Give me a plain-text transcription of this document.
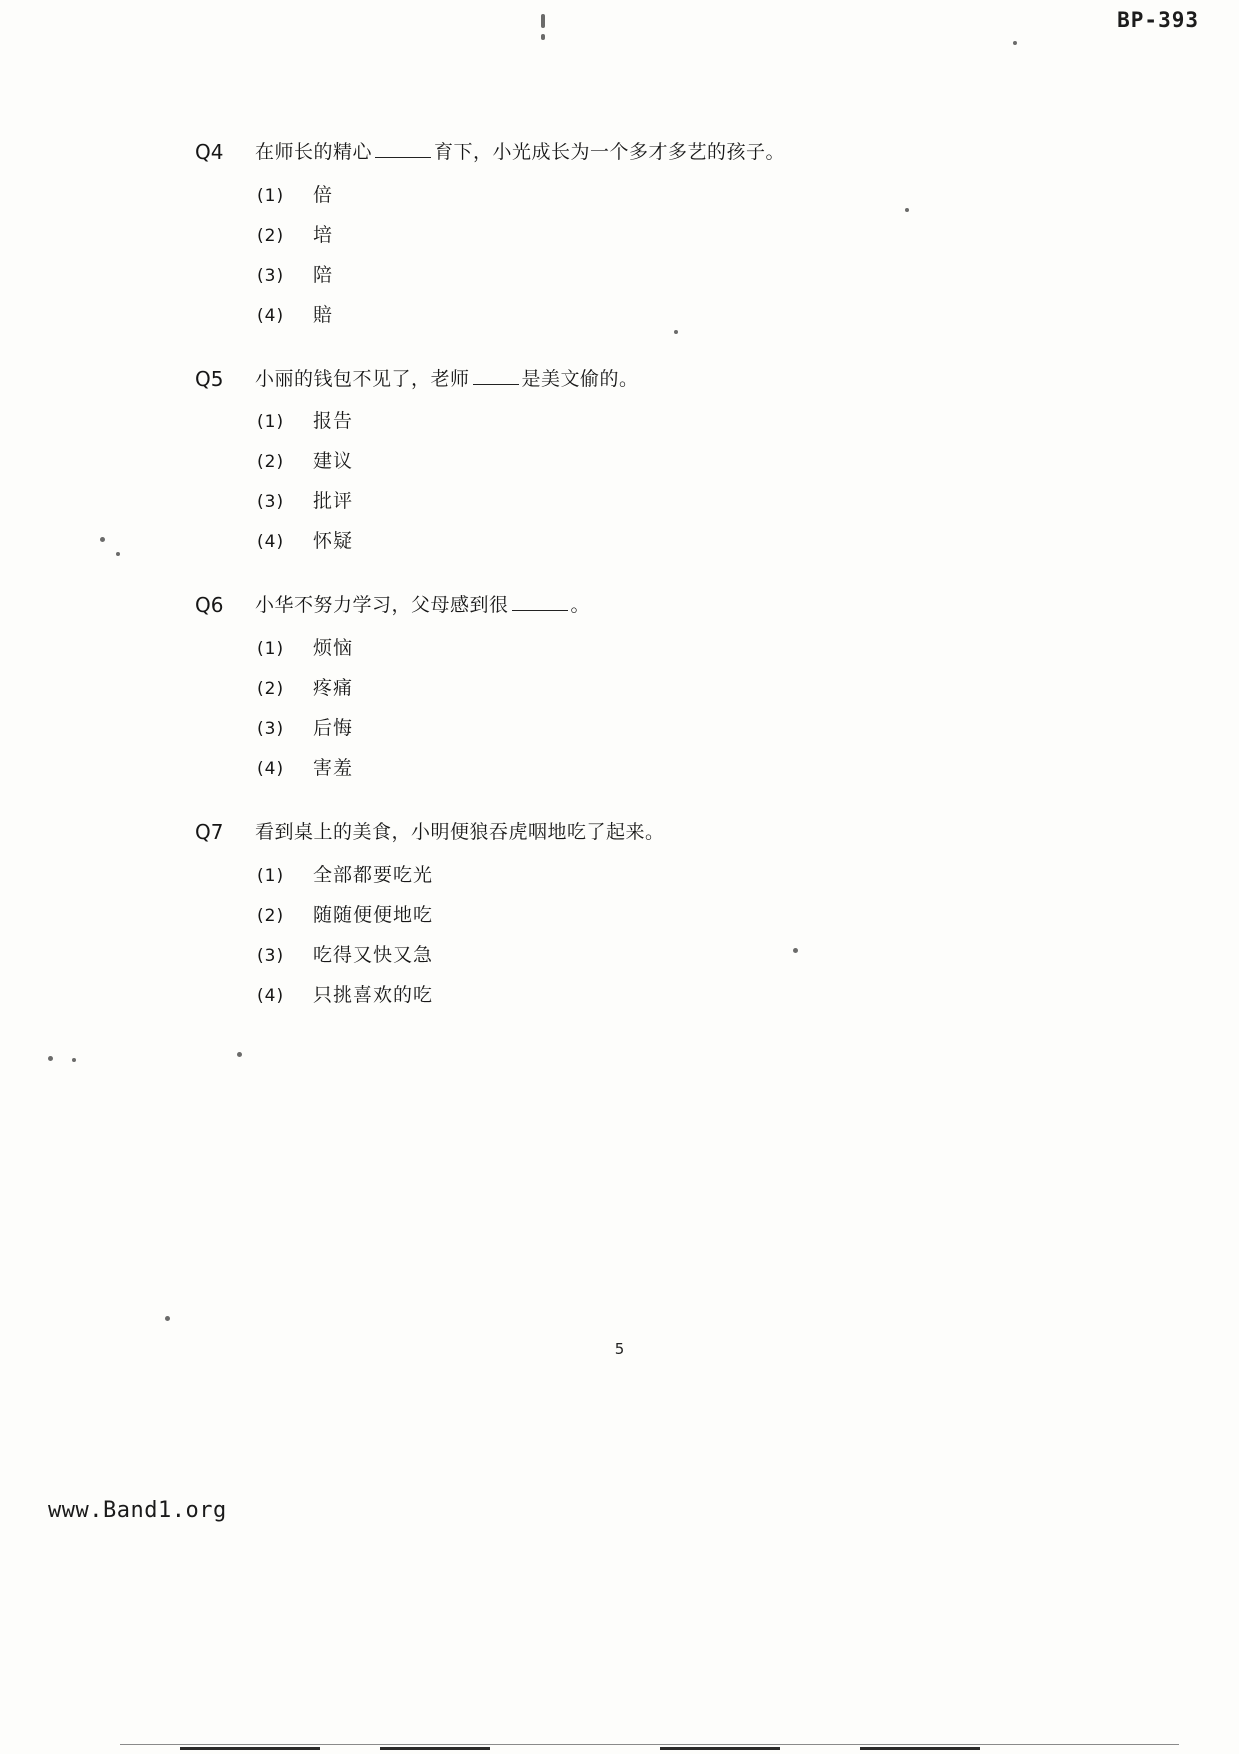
BP-393
Q4	在师长的精心	育下，小光成长为一个多才多艺的孩子。
(1)	倍
(2)	培
(3)	陪
(4)	賠
Q5	小丽的钱包不见了，老师	是美文偷的。
(1)	报告
(2)	建议
(3)	批评
(4)	怀疑
Q6	小华不努力学习，父母感到很	。
(1)	烦恼
(2)	疼痛
(3)	后悔
(4)	害羞
Q7	看到桌上的美食，小明便狼吞虎咽地吃了起来。
(1)	全部都要吃光
(2)	随随便便地吃
(3)	吃得又快又急
(4)	只挑喜欢的吃
5
www.Band1.org
